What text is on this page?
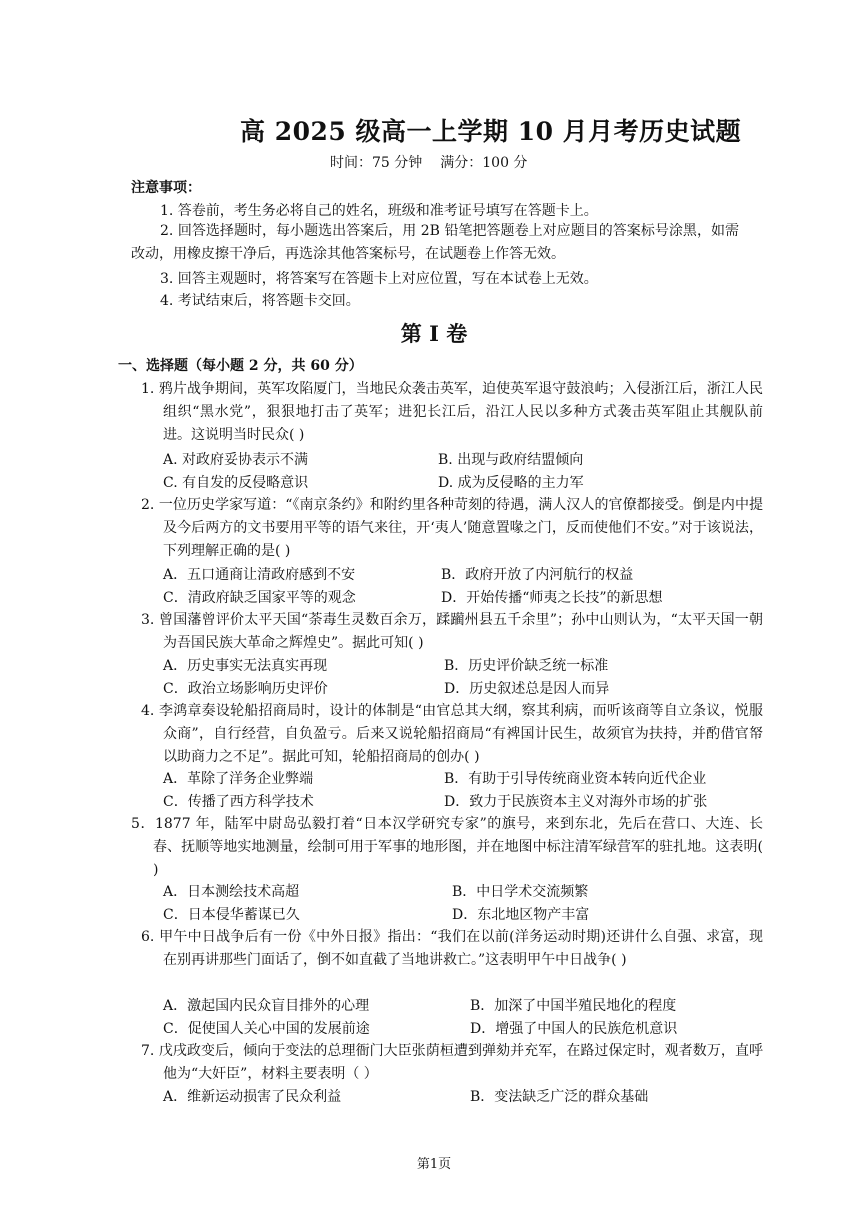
高 2025 级高一上学期 10 月月考历史试题
时间：75 分钟 满分：100 分
注意事项：
1. 答卷前，考生务必将自己的姓名，班级和准考证号填写在答题卡上。
2. 回答选择题时，每小题选出答案后，用 2B 铅笔把答题卷上对应题目的答案标号涂黑，如需改动，用橡皮擦干净后，再选涂其他答案标号，在试题卷上作答无效。
3. 回答主观题时，将答案写在答题卡上对应位置，写在本试卷上无效。
4. 考试结束后，将答题卡交回。
第 I 卷
一、选择题（每小题 2 分，共 60 分）
1. 鸦片战争期间，英军攻陷厦门，当地民众袭击英军，迫使英军退守鼓浪屿；入侵浙江后，浙江人民组织“黑水党”，狠狠地打击了英军；进犯长江后，沿江人民以多种方式袭击英军阻止其舰队前进。这说明当时民众( )
A. 对政府妥协表示不满	B. 出现与政府结盟倾向
C. 有自发的反侵略意识	D. 成为反侵略的主力军
2. 一位历史学家写道：“《南京条约》和附约里各种苛刻的待遇，满人汉人的官僚都接受。倒是内中提及今后两方的文书要用平等的语气来往，开‘夷人’随意置喙之门，反而使他们不安。”对于该说法，下列理解正确的是( )
A．五口通商让清政府感到不安	B．政府开放了内河航行的权益
C．清政府缺乏国家平等的观念	D．开始传播“师夷之长技”的新思想
3. 曾国藩曾评价太平天国“荼毒生灵数百余万，蹂躏州县五千余里”；孙中山则认为，“太平天国一朝为吾国民族大革命之辉煌史”。据此可知( )
A．历史事实无法真实再现	B．历史评价缺乏统一标准
C．政治立场影响历史评价	D．历史叙述总是因人而异
4. 李鸿章奏设轮船招商局时，设计的体制是“由官总其大纲，察其利病，而听该商等自立条议，悦服众商”，自行经营，自负盈亏。后来又说轮船招商局“有裨国计民生，故须官为扶持，并酌借官帑以助商力之不足”。据此可知，轮船招商局的创办( )
A．革除了洋务企业弊端	B．有助于引导传统商业资本转向近代企业
C．传播了西方科学技术	D．致力于民族资本主义对海外市场的扩张
5．1877 年，陆军中尉岛弘毅打着“日本汉学研究专家”的旗号，来到东北，先后在营口、大连、长春、抚顺等地实地测量，绘制可用于军事的地形图，并在地图中标注清军绿营军的驻扎地。这表明( )
A．日本测绘技术高超	B．中日学术交流频繁
C．日本侵华蓄谋已久	D．东北地区物产丰富
6. 甲午中日战争后有一份《中外日报》指出：“我们在以前(洋务运动时期)还讲什么自强、求富，现在别再讲那些门面话了，倒不如直截了当地讲救亡。”这表明甲午中日战争( )
A．激起国内民众盲目排外的心理	B．加深了中国半殖民地化的程度
C．促使国人关心中国的发展前途	D．增强了中国人的民族危机意识
7. 戊戌政变后，倾向于变法的总理衙门大臣张荫桓遭到弹劾并充军，在路过保定时，观者数万，直呼他为“大奸臣”，材料主要表明（ ）
A．维新运动损害了民众利益	B．变法缺乏广泛的群众基础
第1页
